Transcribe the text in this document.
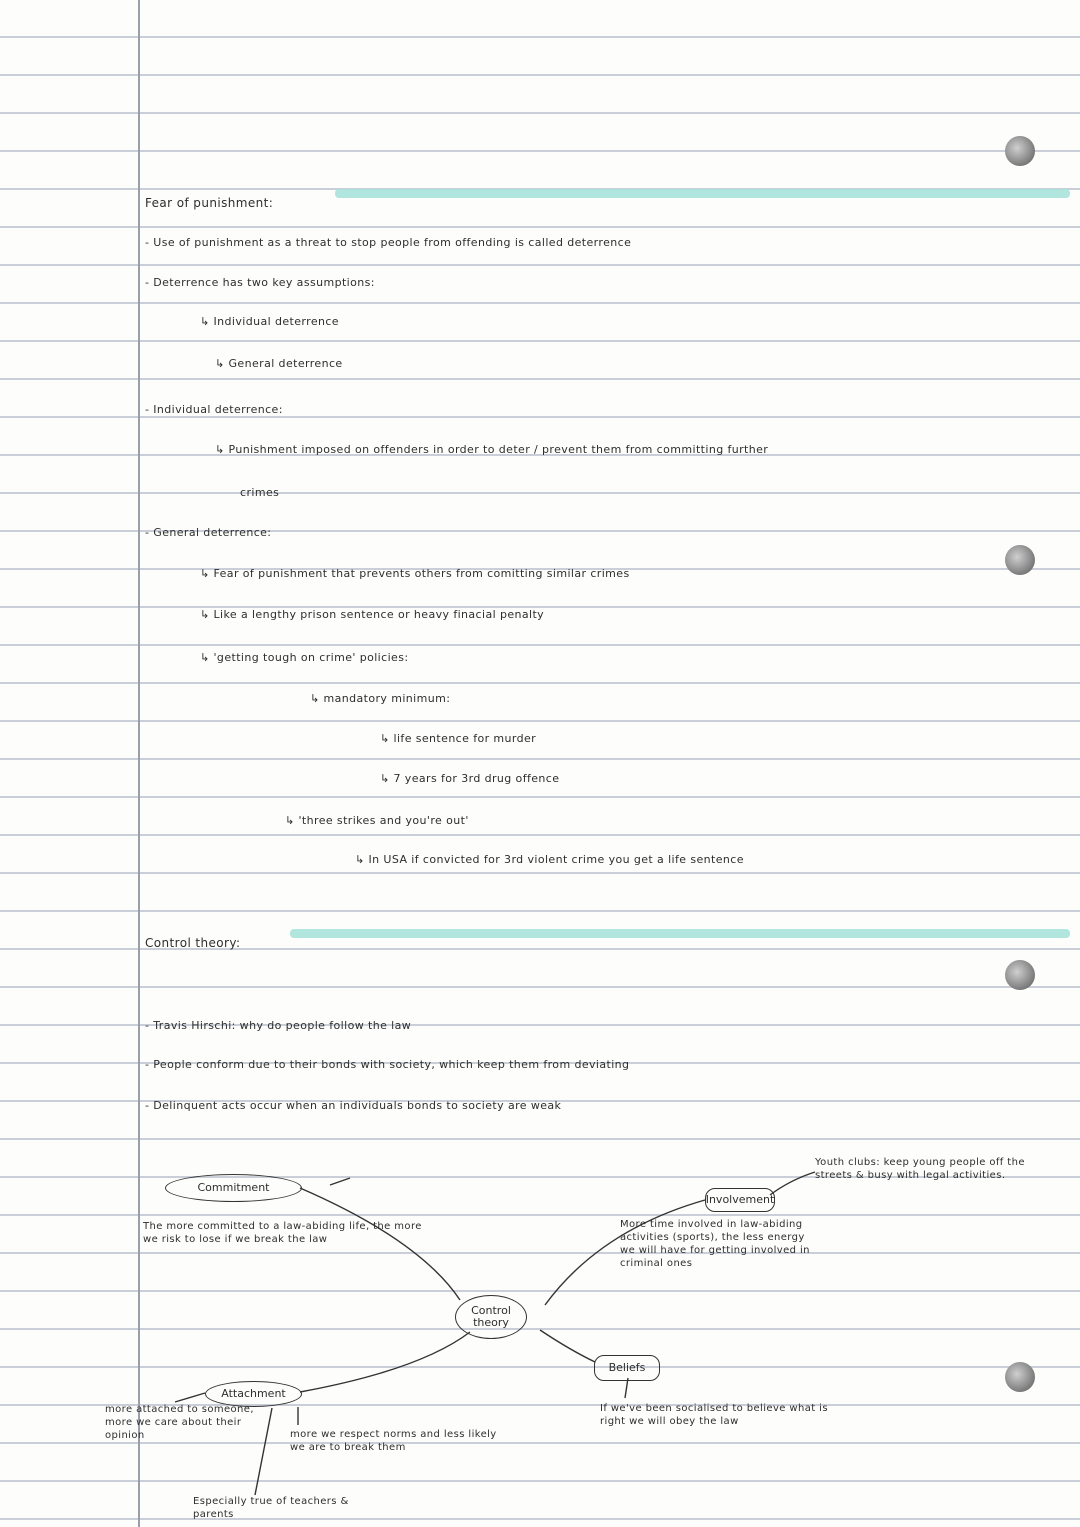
Fear of punishment:
- Use of punishment as a threat to stop people from offending is called deterrence
- Deterrence has two key assumptions:
↳ Individual deterrence
↳ General deterrence
- Individual deterrence:
↳ Punishment imposed on offenders in order to deter / prevent them from committing further
crimes
- General deterrence:
↳ Fear of punishment that prevents others from comitting similar crimes
↳ Like a lengthy prison sentence or heavy finacial penalty
↳ 'getting tough on crime' policies:
↳ mandatory minimum:
↳ life sentence for murder
↳ 7 years for 3rd drug offence
↳ 'three strikes and you're out'
↳ In USA if convicted for 3rd violent crime you get a life sentence
Control theory:
- Travis Hirschi: why do people follow the law
- People conform due to their bonds with society, which keep them from deviating
- Delinquent acts occur when an individuals bonds to society are weak
Control theory
Commitment
Involvement
Attachment
Beliefs
The more committed to a law-abiding life, the more we risk to lose if we break the law
More time involved in law-abiding activities (sports), the less energy we will have for getting involved in criminal ones
Youth clubs: keep young people off the streets & busy with legal activities.
more attached to someone, more we care about their opinion	more we respect norms and less likely we are to break them
Especially true of teachers & parents
If we've been socialised to believe what is right we will obey the law
